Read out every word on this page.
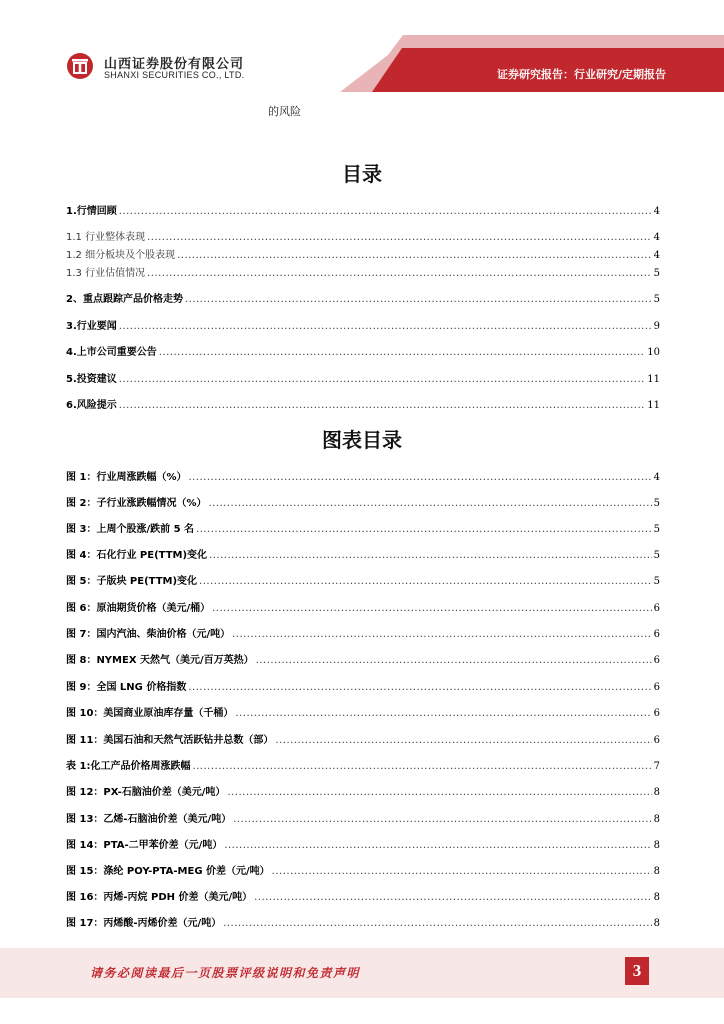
山西证券股份有限公司
SHANXI SECURITIES CO., LTD.	证券研究报告：行业研究/定期报告
的风险
目录
1.行情回顾 .....	4
1.1 行业整体表现 .....	4
1.2 细分板块及个股表现 .....	4
1.3 行业估值情况 .....	5
2、重点跟踪产品价格走势 .....	5
3.行业要闻 .....	9
4.上市公司重要公告 .....	10
5.投资建议 .....	11
6.风险提示 .....	11
图表目录
图 1：行业周涨跌幅（%） .....	4
图 2：子行业涨跌幅情况（%） .....	5
图 3：上周个股涨/跌前 5 名 .....	5
图 4：石化行业 PE(TTM)变化 .....	5
图 5：子版块 PE(TTM)变化 .....	5
图 6：原油期货价格（美元/桶） .....	6
图 7：国内汽油、柴油价格（元/吨） .....	6
图 8：NYMEX 天然气（美元/百万英热） .....	6
图 9：全国 LNG 价格指数 .....	6
图 10：美国商业原油库存量（千桶） .....	6
图 11：美国石油和天然气活跃钻井总数（部） .....	6
表 1:化工产品价格周涨跌幅 .....	7
图 12：PX-石脑油价差（美元/吨） .....	8
图 13：乙烯-石脑油价差（美元/吨） .....	8
图 14：PTA-二甲苯价差（元/吨） .....	8
图 15：涤纶 POY-PTA-MEG 价差（元/吨） .....	8
图 16：丙烯-丙烷 PDH 价差（美元/吨） .....	8
图 17：丙烯酸-丙烯价差（元/吨） .....	8
请务必阅读最后一页股票评级说明和免责声明	3
